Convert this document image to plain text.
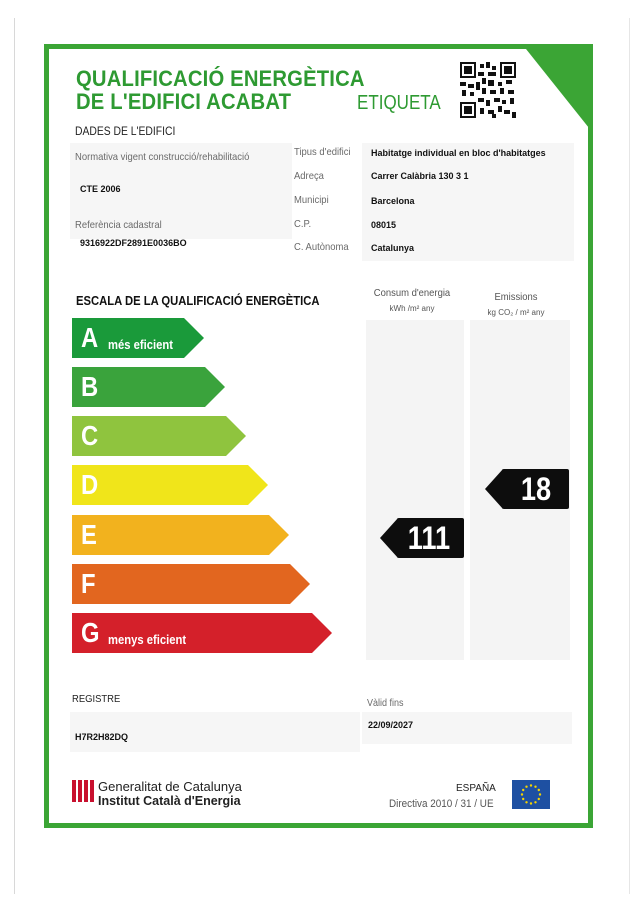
QUALIFICACIÓ ENERGÈTICA
DE L'EDIFICI ACABAT	ETIQUETA
DADES DE L'EDIFICI
Normativa vigent construcció/rehabilitació
CTE 2006
Referència cadastral
9316922DF2891E0036BO
Tipus d'edifici Habitatge individual en bloc d'habitatges
Adreça	Carrer Calàbria 130 3 1
Municipi	Barcelona
C.P.	08015
C. Autònoma Catalunya
ESCALA DE LA QUALIFICACIÓ ENERGÈTICA
Consum d'energia
kWh /m² any
Emissions
kg CO₂ / m² any
A més eficient
B
C
D
E
F
G menys eficient
111
18
REGISTRE
H7R2H82DQ
Vàlid fins
22/09/2027
Generalitat de Catalunya
Institut Català d'Energia
ESPAÑA
Directiva 2010 / 31 / UE
